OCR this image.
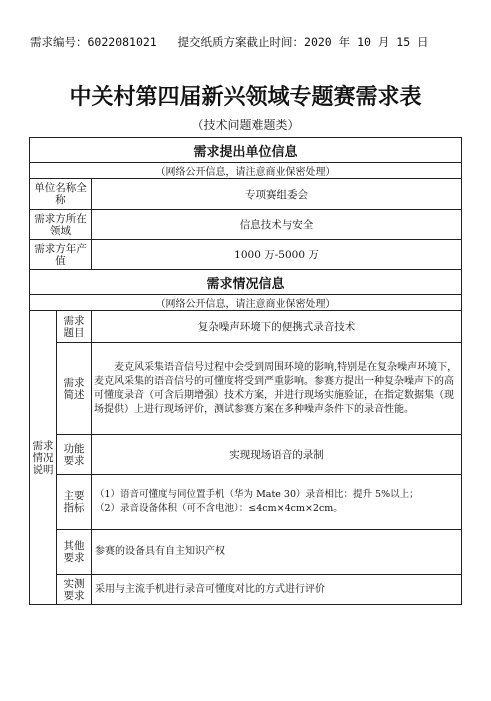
需求编号：6022081021 提交纸质方案截止时间：2020 年 10 月 15 日
中关村第四届新兴领域专题赛需求表
（技术问题难题类）
需求提出单位信息		
（网络公开信息，请注意商业保密处理）		
单位名称全称		专项赛组委会
需求方所在领域		信息技术与安全
需求方年产值		1000 万-5000 万
需求情况信息		
（网络公开信息，请注意商业保密处理）		
需求情况说明	需求题目	复杂噪声环境下的便携式录音技术
	需求简述	麦克风采集语音信号过程中会受到周围环境的影响,特别是在复杂噪声环境下，麦克风采集的语音信号的可懂度将受到严重影响。参赛方提出一种复杂噪声下的高可懂度录音（可含后期增强）技术方案，并进行现场实施验证，在指定数据集（现场提供）上进行现场评价，测试参赛方案在多种噪声条件下的录音性能。
	功能要求	实现现场语音的录制
	主要指标	（1）语音可懂度与同位置手机（华为 Mate 30）录音相比：提升 5%以上；
（2）录音设备体积（可不含电池）：≤4cm×4cm×2cm。

	其他要求	参赛的设备具有自主知识产权
	实测要求	采用与主流手机进行录音可懂度对比的方式进行评价
